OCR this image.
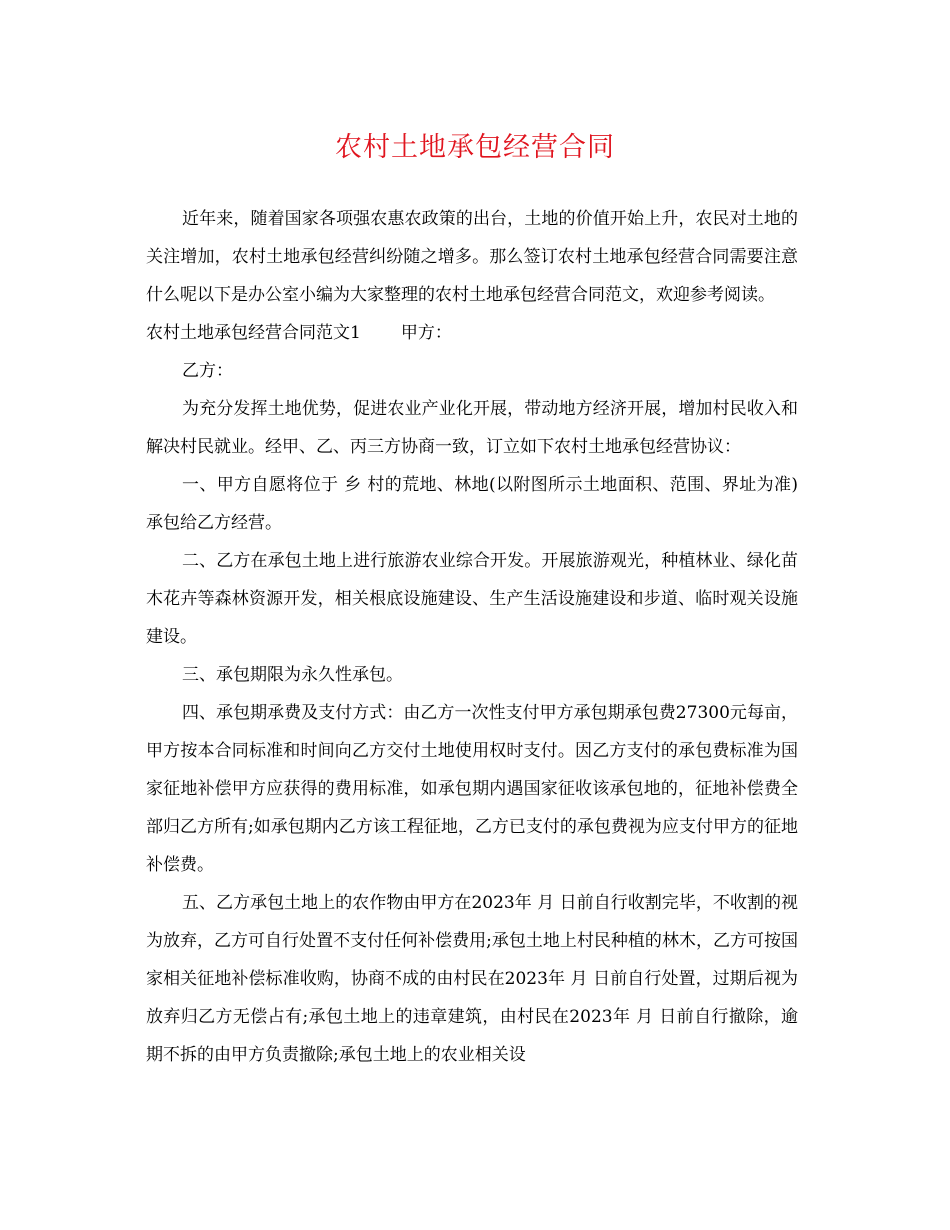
农村土地承包经营合同

近年来，随着国家各项强农惠农政策的出台，土地的价值开始上升，农民对土地的关注增加，农村土地承包经营纠纷随之增多。那么签订农村土地承包经营合同需要注意什么呢以下是办公室小编为大家整理的农村土地承包经营合同范文，欢迎参考阅读。

农村土地承包经营合同范文1 甲方：

乙方：

为充分发挥土地优势，促进农业产业化开展，带动地方经济开展，增加村民收入和解决村民就业。经甲、乙、丙三方协商一致，订立如下农村土地承包经营协议：

一、甲方自愿将位于 乡 村的荒地、林地(以附图所示土地面积、范围、界址为准)承包给乙方经营。

二、乙方在承包土地上进行旅游农业综合开发。开展旅游观光，种植林业、绿化苗木花卉等森林资源开发，相关根底设施建设、生产生活设施建设和步道、临时观关设施建设。

三、承包期限为永久性承包。

四、承包期承费及支付方式：由乙方一次性支付甲方承包期承包费27300元每亩，甲方按本合同标准和时间向乙方交付土地使用权时支付。因乙方支付的承包费标准为国家征地补偿甲方应获得的费用标准，如承包期内遇国家征收该承包地的，征地补偿费全部归乙方所有;如承包期内乙方该工程征地，乙方已支付的承包费视为应支付甲方的征地补偿费。

五、乙方承包土地上的农作物由甲方在2023年 月 日前自行收割完毕，不收割的视为放弃，乙方可自行处置不支付任何补偿费用;承包土地上村民种植的林木，乙方可按国家相关征地补偿标准收购，协商不成的由村民在2023年 月 日前自行处置，过期后视为放弃归乙方无偿占有;承包土地上的违章建筑，由村民在2023年 月 日前自行撤除，逾期不拆的由甲方负责撤除;承包土地上的农业相关设
